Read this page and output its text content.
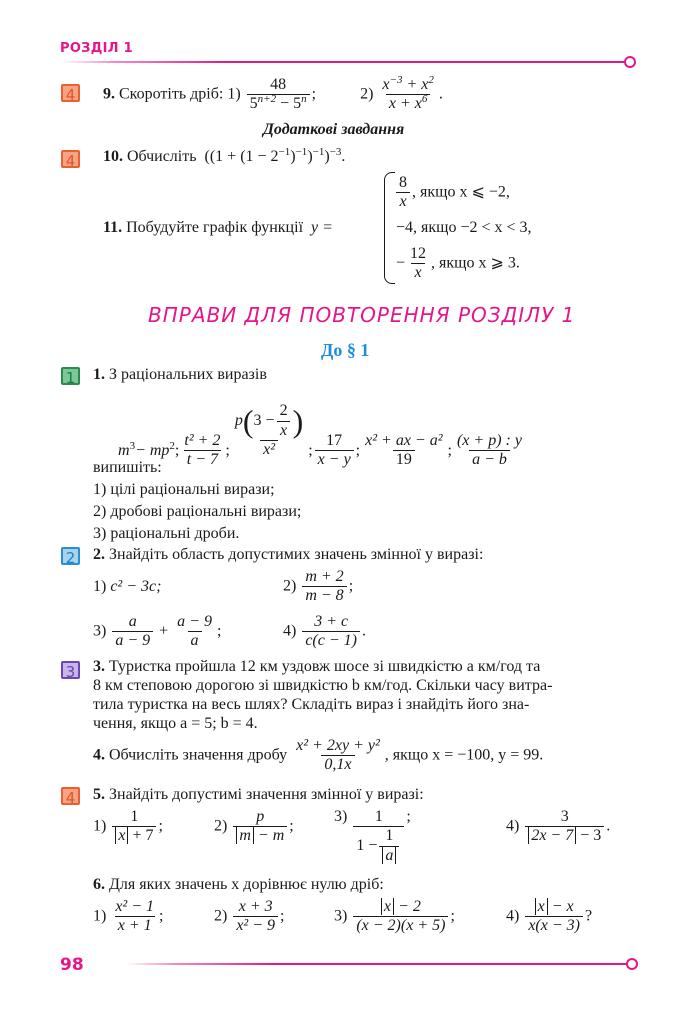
РОЗДІЛ 1
4 9. Скоротіть дріб: $1) \frac{48}{5^{n+2} - 5^n}$ ;	$2) \frac{x^{-3} + x^2}{x + x^6}$ .
Додаткові завдання
4 10. Обчисліть $((1 + (1 - 2^{-1})^{-1})^{-1})^{-3}$.
11. Побудуйте графік функції y =
$\frac{8}{x}$ , якщо x ⩽ −2,
−4, якщо −2 < x < 3,
− $\frac{12}{x}$ , якщо x ⩾ 3.
ВПРАВИ ДЛЯ ПОВТОРЕННЯ РОЗДІЛУ 1
До § 1
1 1. З раціональних виразів
m 3 − mp 2 ; $\frac{\text{t² + 2}}{t - 7}$ ; $\frac{p ( 3 - \frac{2}{x} )}{\text{x²}}$ ; $\frac{17}{x - y}$ ; $\frac{\text{x² + ax − a²}}{19}$ ; $\frac{(x + p) : y}{a - b}$
випишіть:
1) цілі раціональні вирази;
2) дробові раціональні вирази;
3) раціональні дроби.
2 2. Знайдіть область допустимих значень змінної у виразі:
1) c² − 3c;	$2) \frac{m + 2}{m - 8}$ ;
$3) \frac{a}{a - 9} + \frac{a - 9}{a}$ ;	$4) \frac{3 + c}{c(c - 1)}$ .
3 3. Туристка пройшла 12 км уздовж шосе зі швидкістю a км/год та
8 км степовою дорогою зі швидкістю b км/год. Скільки часу витра-
тила туристка на весь шлях? Складіть вираз і знайдіть його зна-
чення, якщо a = 5; b = 4.
4. Обчисліть значення дробу $\frac{\text{x² + 2xy + y²}}{0,1x}$ , якщо x = −100, y = 99.
4 5. Знайдіть допустимі значення змінної у виразі:
$1) \frac{1}{x + 7}$ ;	$2) \frac{p}{m - m}$ ;
$3) \frac{1}{1 - \frac{1}{a}}$ ;
$4) \frac{3}{2x - 7 - 3}$ .
6. Для яких значень x дорівнює нулю дріб:
$1) \frac{\text{x² − 1}}{x + 1}$ ;	$2) \frac{x + 3}{\text{x² − 9}}$ ;	$3) \frac{x - 2}{(x - 2)(x + 5)}$ ;	$4) \frac{x - x}{x(x - 3)}$ ?
98
